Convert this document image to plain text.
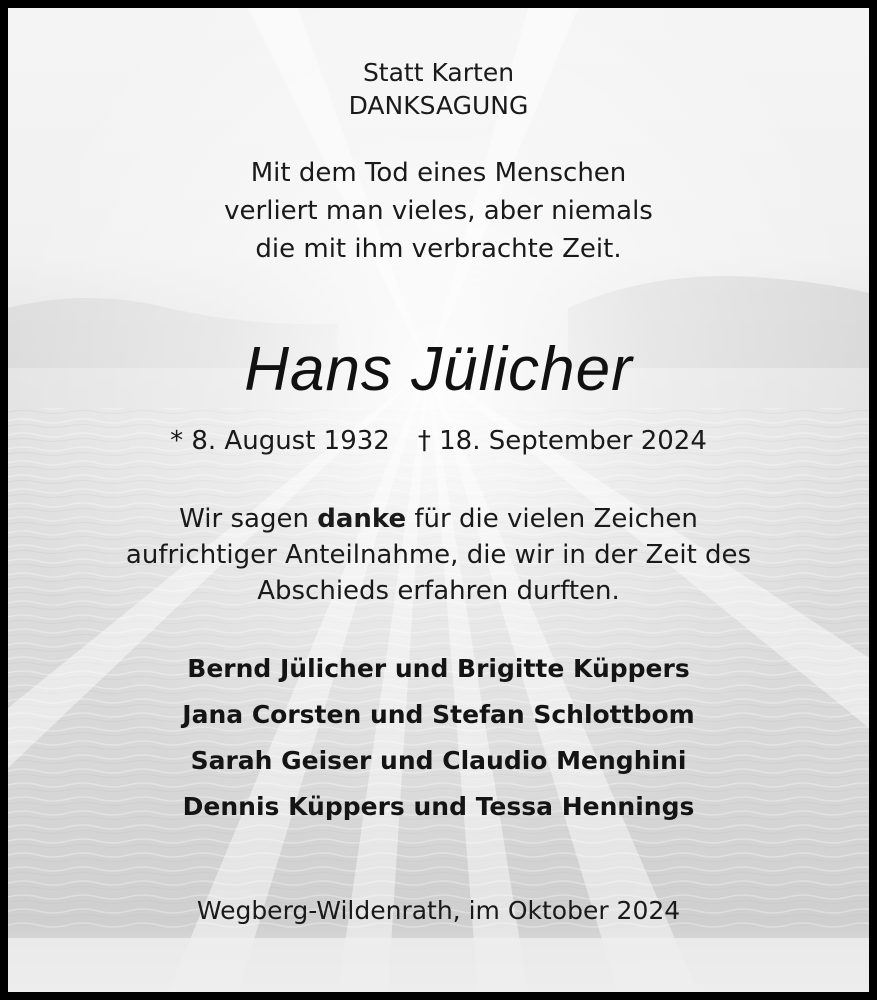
Statt Karten
DANKSAGUNG
Mit dem Tod eines Menschen
verliert man vieles, aber niemals
die mit ihm verbrachte Zeit.
Hans Jülicher
* 8. August 1932 † 18. September 2024
Wir sagen danke für die vielen Zeichen
aufrichtiger Anteilnahme, die wir in der Zeit des
Abschieds erfahren durften.
Bernd Jülicher und Brigitte Küppers
Jana Corsten und Stefan Schlottbom
Sarah Geiser und Claudio Menghini
Dennis Küppers und Tessa Hennings
Wegberg-Wildenrath, im Oktober 2024
